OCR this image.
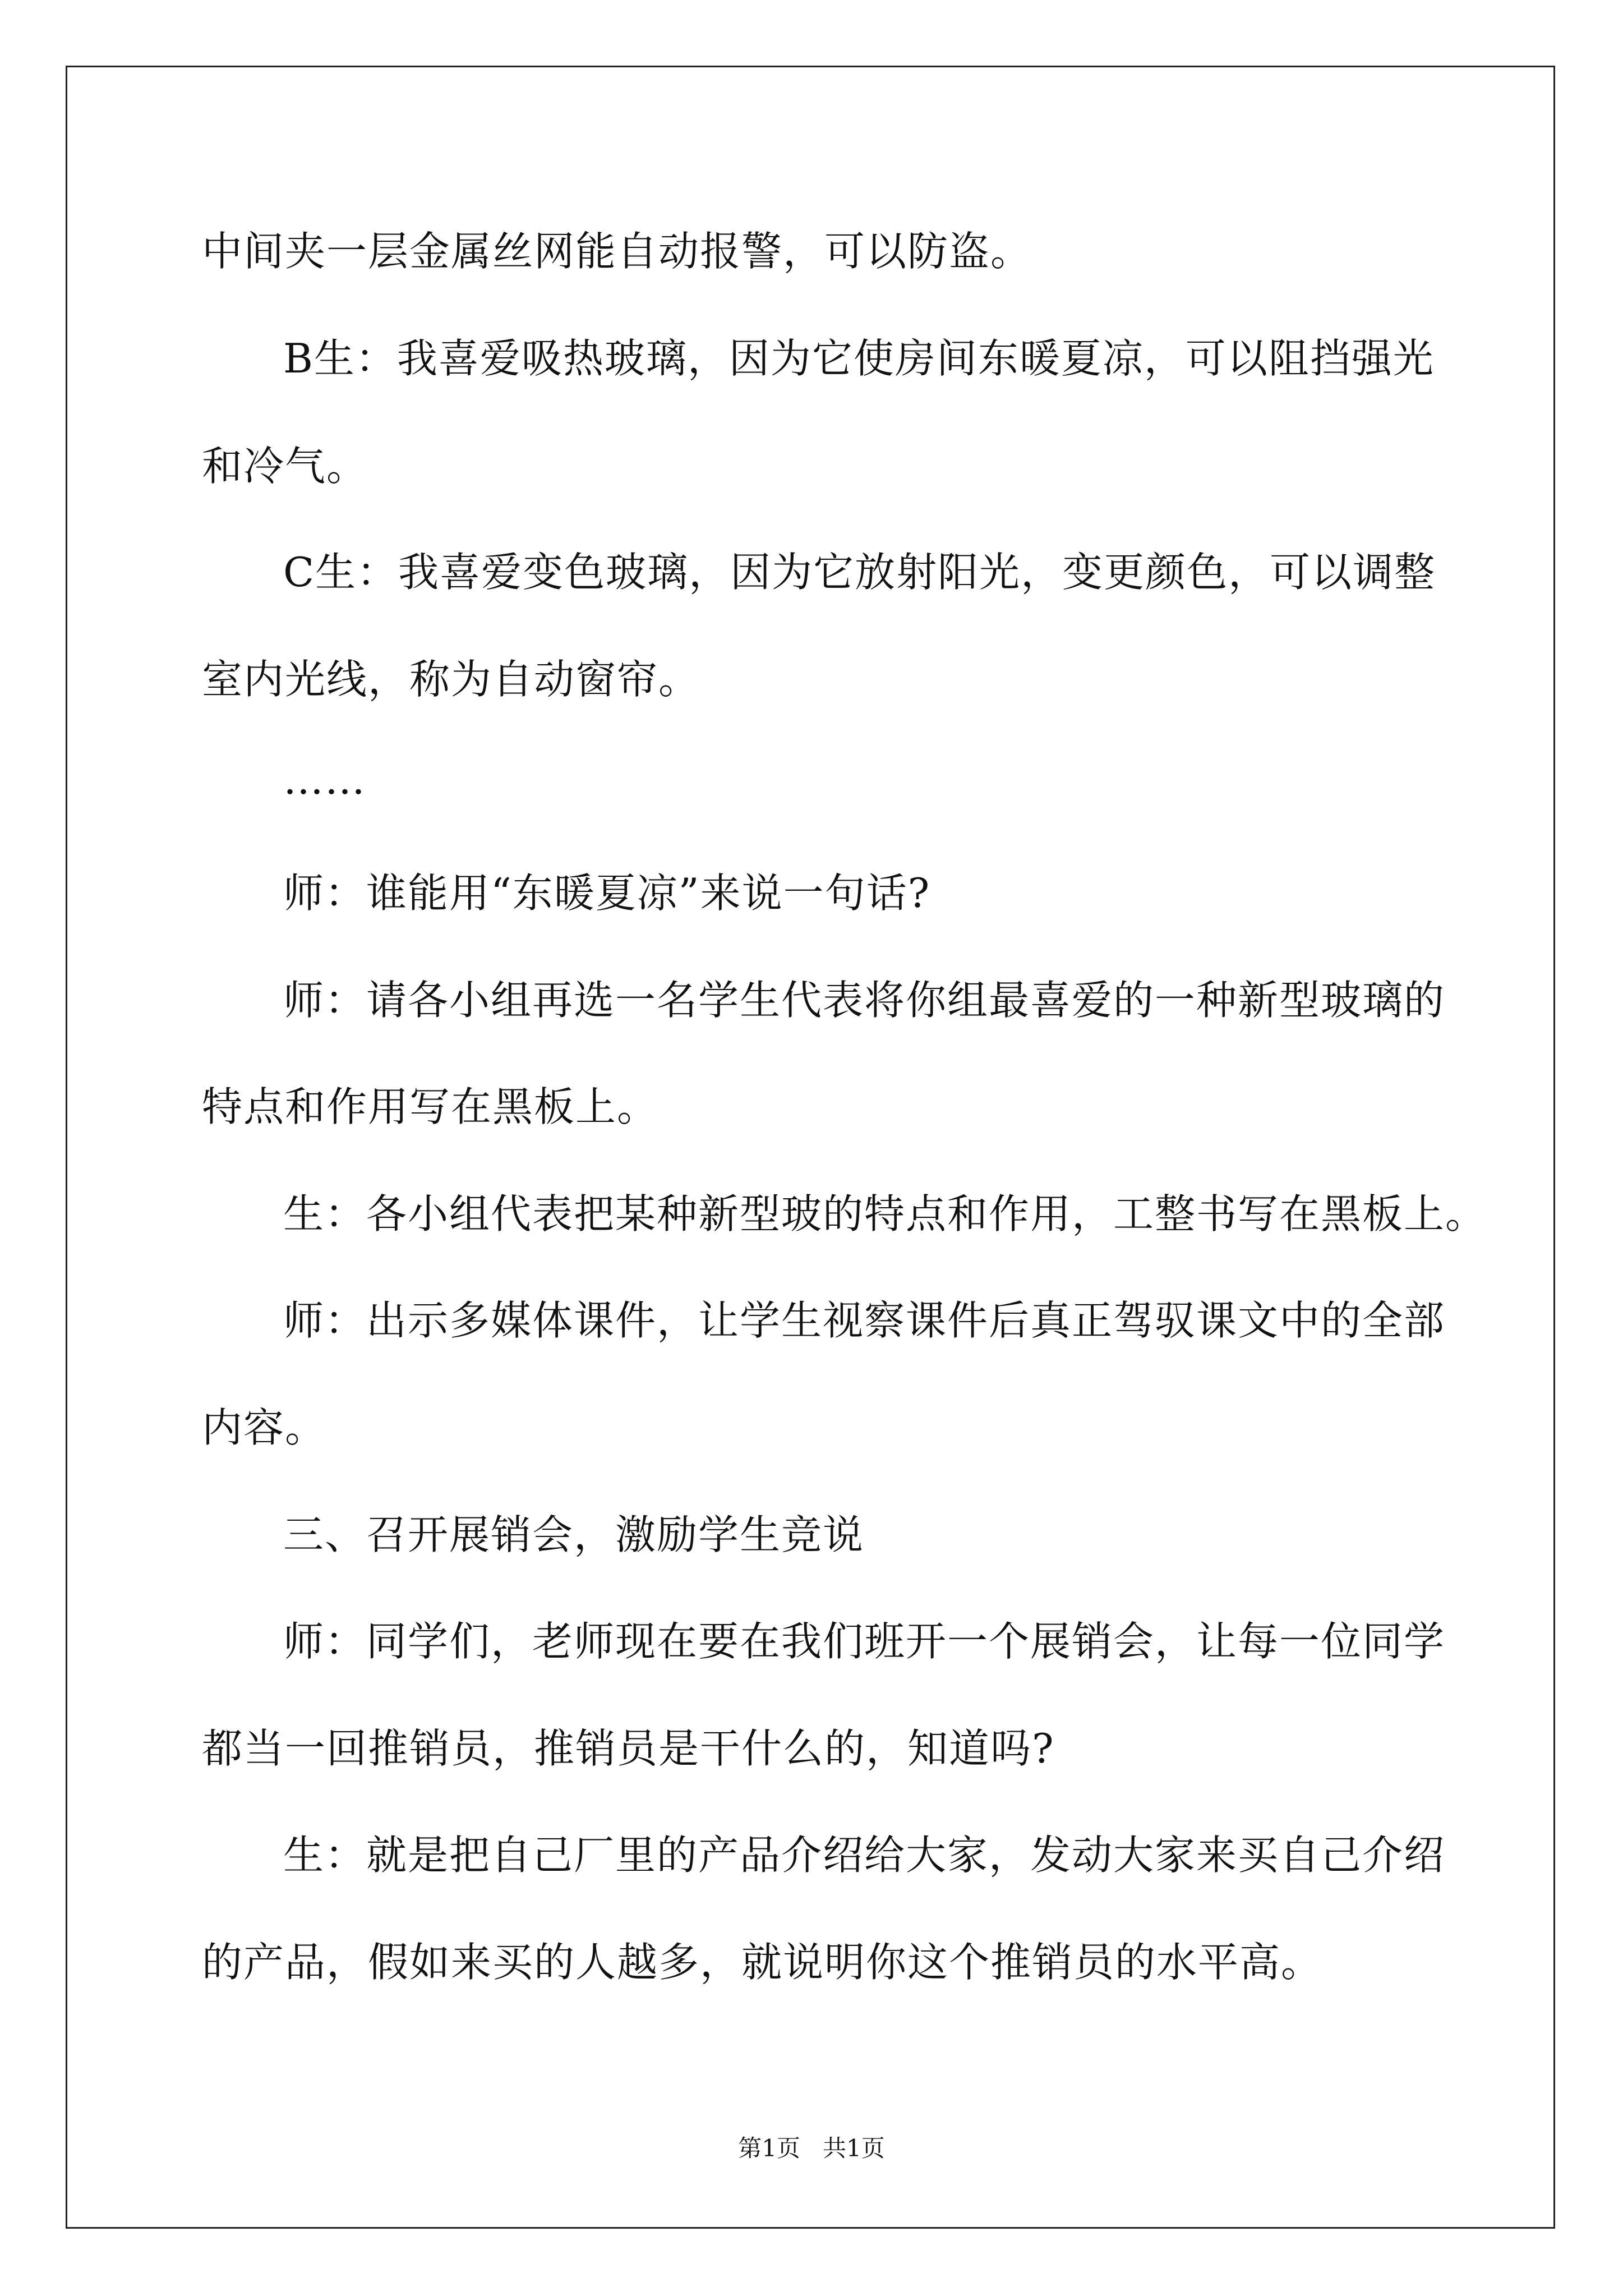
中间夹一层金属丝网能自动报警，可以防盗。
B生：我喜爱吸热玻璃，因为它使房间东暖夏凉，可以阻挡强光
和冷气。
C生：我喜爱变色玻璃，因为它放射阳光，变更颜色，可以调整
室内光线，称为自动窗帘。
……
师：谁能用“东暖夏凉”来说一句话?
师：请各小组再选一名学生代表将你组最喜爱的一种新型玻璃的
特点和作用写在黑板上。
生：各小组代表把某种新型玻的特点和作用，工整书写在黑板上。
师：出示多媒体课件，让学生视察课件后真正驾驭课文中的全部
内容。
三、召开展销会，激励学生竞说
师：同学们，老师现在要在我们班开一个展销会，让每一位同学
都当一回推销员，推销员是干什么的，知道吗?
生：就是把自己厂里的产品介绍给大家，发动大家来买自己介绍
的产品，假如来买的人越多，就说明你这个推销员的水平高。
第1页   共1页
